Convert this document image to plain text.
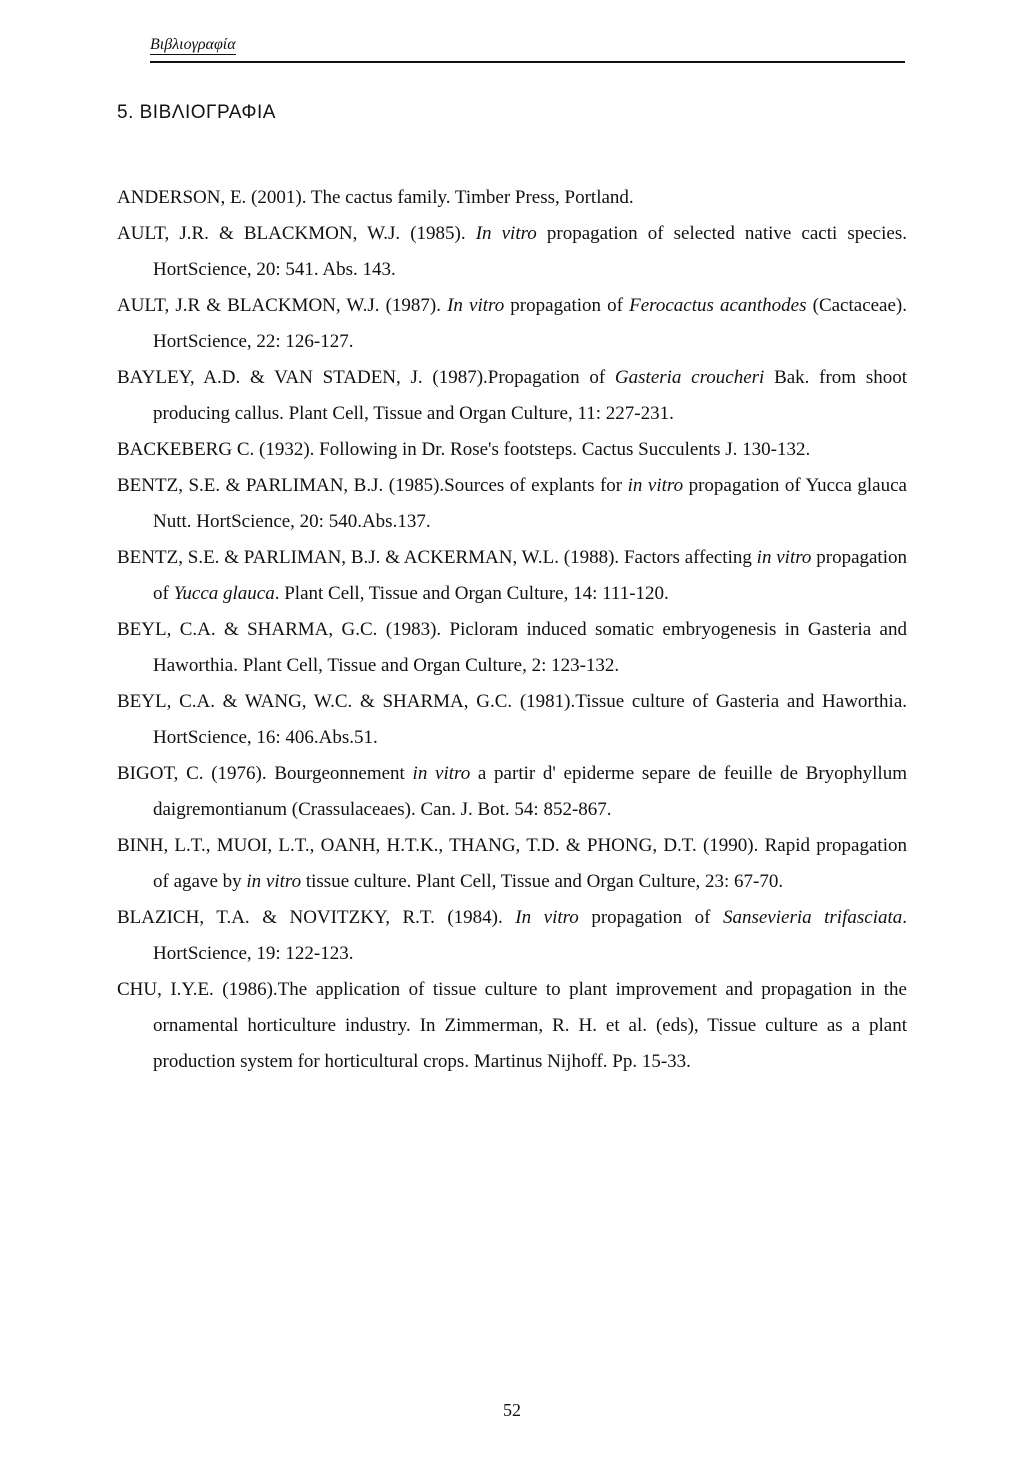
Βιβλιογραφία
5. ΒΙΒΛΙΟΓΡΑΦΙΑ

ANDERSON, E. (2001). The cactus family. Timber Press, Portland.

AULT, J.R. & BLACKMON, W.J. (1985). In vitro propagation of selected native cacti species. HortScience, 20: 541. Abs. 143.

AULT, J.R & BLACKMON, W.J. (1987). In vitro propagation of Ferocactus acanthodes (Cactaceae). HortScience, 22: 126-127.

BAYLEY, A.D. & VAN STADEN, J. (1987).Propagation of Gasteria croucheri Bak. from shoot producing callus. Plant Cell, Tissue and Organ Culture, 11: 227-231.

BACKEBERG C. (1932). Following in Dr. Rose's footsteps. Cactus Succulents J. 130-132.

BENTZ, S.E. & PARLIMAN, B.J. (1985).Sources of explants for in vitro propagation of Yucca glauca Nutt. HortScience, 20: 540.Abs.137.

BENTZ, S.E. & PARLIMAN, B.J. & ACKERMAN, W.L. (1988). Factors affecting in vitro propagation of Yucca glauca. Plant Cell, Tissue and Organ Culture, 14: 111-120.

BEYL, C.A. & SHARMA, G.C. (1983). Picloram induced somatic embryogenesis in Gasteria and Haworthia. Plant Cell, Tissue and Organ Culture, 2: 123-132.

BEYL, C.A. & WANG, W.C. & SHARMA, G.C. (1981).Tissue culture of Gasteria and Haworthia. HortScience, 16: 406.Abs.51.

BIGOT, C. (1976). Bourgeonnement in vitro a partir d' epiderme separe de feuille de Bryophyllum daigremontianum (Crassulaceaes). Can. J. Bot. 54: 852-867.

BINH, L.T., MUOI, L.T., OANH, H.T.K., THANG, T.D. & PHONG, D.T. (1990). Rapid propagation of agave by in vitro tissue culture. Plant Cell, Tissue and Organ Culture, 23: 67-70.

BLAZICH, T.A. & NOVITZKY, R.T. (1984). In vitro propagation of Sansevieria trifasciata. HortScience, 19: 122-123.

CHU, I.Y.E. (1986).The application of tissue culture to plant improvement and propagation in the ornamental horticulture industry. In Zimmerman, R. H. et al. (eds), Tissue culture as a plant production system for horticultural crops. Martinus Nijhoff. Pp. 15-33.

52
